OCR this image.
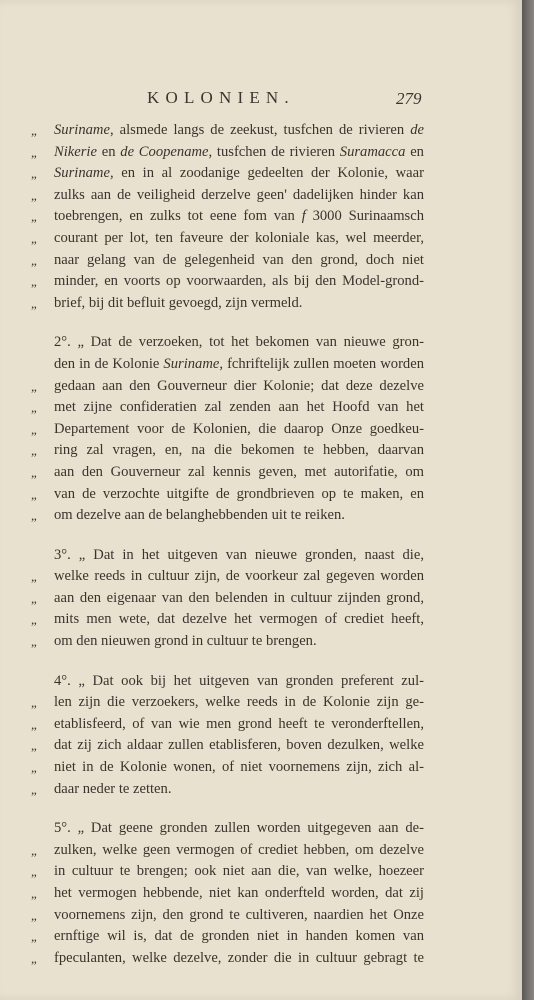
KOLONIEN.	279
„	Suriname, alsmede langs de zeekust, tusfchen de rivieren de
„	Nikerie en de Coopename, tusfchen de rivieren Suramacca en
„	Suriname, en in al zoodanige gedeelten der Kolonie, waar
„	zulks aan de veiligheid derzelve geen' dadelijken hinder kan
„	toebrengen, en zulks tot eene fom van f 3000 Surinaamsch
„	courant per lot, ten faveure der koloniale kas, wel meerder,
„	naar gelang van de gelegenheid van den grond, doch niet
„	minder, en voorts op voorwaarden, als bij den Model-grond-
„	brief, bij dit befluit gevoegd, zijn vermeld.
2°. „ Dat de verzoeken, tot het bekomen van nieuwe gron-
den in de Kolonie Suriname, fchriftelijk zullen moeten worden
„	gedaan aan den Gouverneur dier Kolonie; dat deze dezelve
„	met zijne confideratien zal zenden aan het Hoofd van het
„	Departement voor de Kolonien, die daarop Onze goedkeu-
„	ring zal vragen, en, na die bekomen te hebben, daarvan
„	aan den Gouverneur zal kennis geven, met autorifatie, om
„	van de verzochte uitgifte de grondbrieven op te maken, en
„	om dezelve aan de belanghebbenden uit te reiken.
3°. „ Dat in het uitgeven van nieuwe gronden, naast die,
„	welke reeds in cultuur zijn, de voorkeur zal gegeven worden
„	aan den eigenaar van den belenden in cultuur zijnden grond,
„	mits men wete, dat dezelve het vermogen of crediet heeft,
„	om den nieuwen grond in cultuur te brengen.
4°. „ Dat ook bij het uitgeven van gronden preferent zul-
„	len zijn die verzoekers, welke reeds in de Kolonie zijn ge-
„	etablisfeerd, of van wie men grond heeft te veronderftellen,
„	dat zij zich aldaar zullen etablisferen, boven dezulken, welke
„	niet in de Kolonie wonen, of niet voornemens zijn, zich al-
„	daar neder te zetten.
5°. „ Dat geene gronden zullen worden uitgegeven aan de-
„	zulken, welke geen vermogen of crediet hebben, om dezelve
„	in cultuur te brengen; ook niet aan die, van welke, hoezeer
„	het vermogen hebbende, niet kan onderfteld worden, dat zij
„	voornemens zijn, den grond te cultiveren, naardien het Onze
„	ernftige wil is, dat de gronden niet in handen komen van
„	fpeculanten, welke dezelve, zonder die in cultuur gebragt te
